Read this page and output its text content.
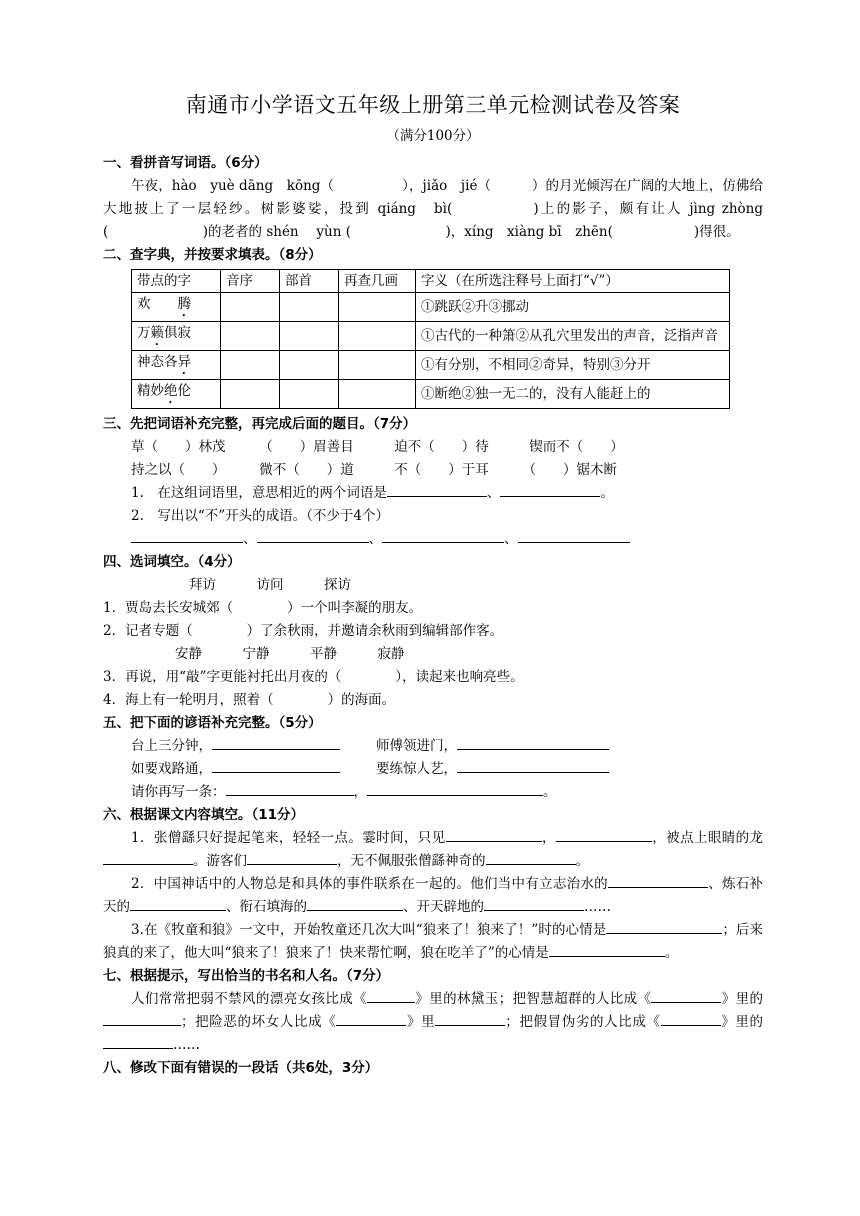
南通市小学语文五年级上册第三单元检测试卷及答案
（满分100分）
一、看拼音写词语。（6分）

午夜，hào　yuè dāng　kōng（　　　　　），jiǎo　jié（　　　）的月光倾泻在广阔的大地上，仿佛给大地披上了一层轻纱。树影婆娑，投到 qiáng　bì(　　　　　)上的影子，颇有让人 jìng zhòng (　　　　　　　)的老者的 shén　 yùn (　　　　　　　)，xíng　xiàng bī　zhēn(　　　　　　)得很。

二、查字典，并按要求填表。（8分）
带点的字	音序	部首	再查几画	字义（在所选注释号上面打“√”）
欢　　腾				①跳跃②升③挪动
万籁俱寂				①古代的一种箫②从孔穴里发出的声音，泛指声音
神态各异				①有分别，不相同②奇异，特别③分开
精妙绝伦				①断绝②独一无二的，没有人能赶上的
三、先把词语补充完整，再完成后面的题目。（7分）
草（　　）林茂　　　（　　）眉善目　　　迫不（　　）待　　　锲而不（　　）
持之以（　　）　　　微不（　　）道　　　不（　　）于耳　　　（　　）锯木断
1.　在这组词语里，意思相近的两个词语是	、	。
2.　写出以“不”开头的成语。（不少于4个）
、	、	、
四、选词填空。（4分）
拜访　　　访问　　　探访
1．贾岛去长安城郊（　　　　）一个叫李凝的朋友。
2．记者专题（　　　　）了余秋雨，并邀请余秋雨到编辑部作客。
安静　　　宁静　　　平静　　　寂静
3．再说，用“敲”字更能衬托出月夜的（　　　　），读起来也响亮些。
4．海上有一轮明月，照着（　　　　）的海面。
五、把下面的谚语补充完整。（5分）
台上三分钟，	师傅领进门，
如要戏路通，	要练惊人艺，
请你再写一条：	，	。
六、根据课文内容填空。（11分）

1．张僧繇只好提起笔来，轻轻一点。霎时间，只见	，	，被点上眼睛的龙。游客们	，无不佩服张僧繇神奇的	。

2．中国神话中的人物总是和具体的事件联系在一起的。他们当中有立志治水的	、炼石补天的	、衔石填海的	、开天辟地的	……

3.在《牧童和狼》一文中，开始牧童还几次大叫“狼来了！狼来了！”时的心情是	；后来狼真的来了，他大叫“狼来了！狼来了！快来帮忙啊，狼在吃羊了”的心情是	。

七、根据提示，写出恰当的书名和人名。（7分）

人们常常把弱不禁风的漂亮女孩比成《	》里的林黛玉；把智慧超群的人比成《	》里的；把险恶的坏女人比成《	》里	；把假冒伪劣的人比成《	》里的……

八、修改下面有错误的一段话（共6处，3分）
